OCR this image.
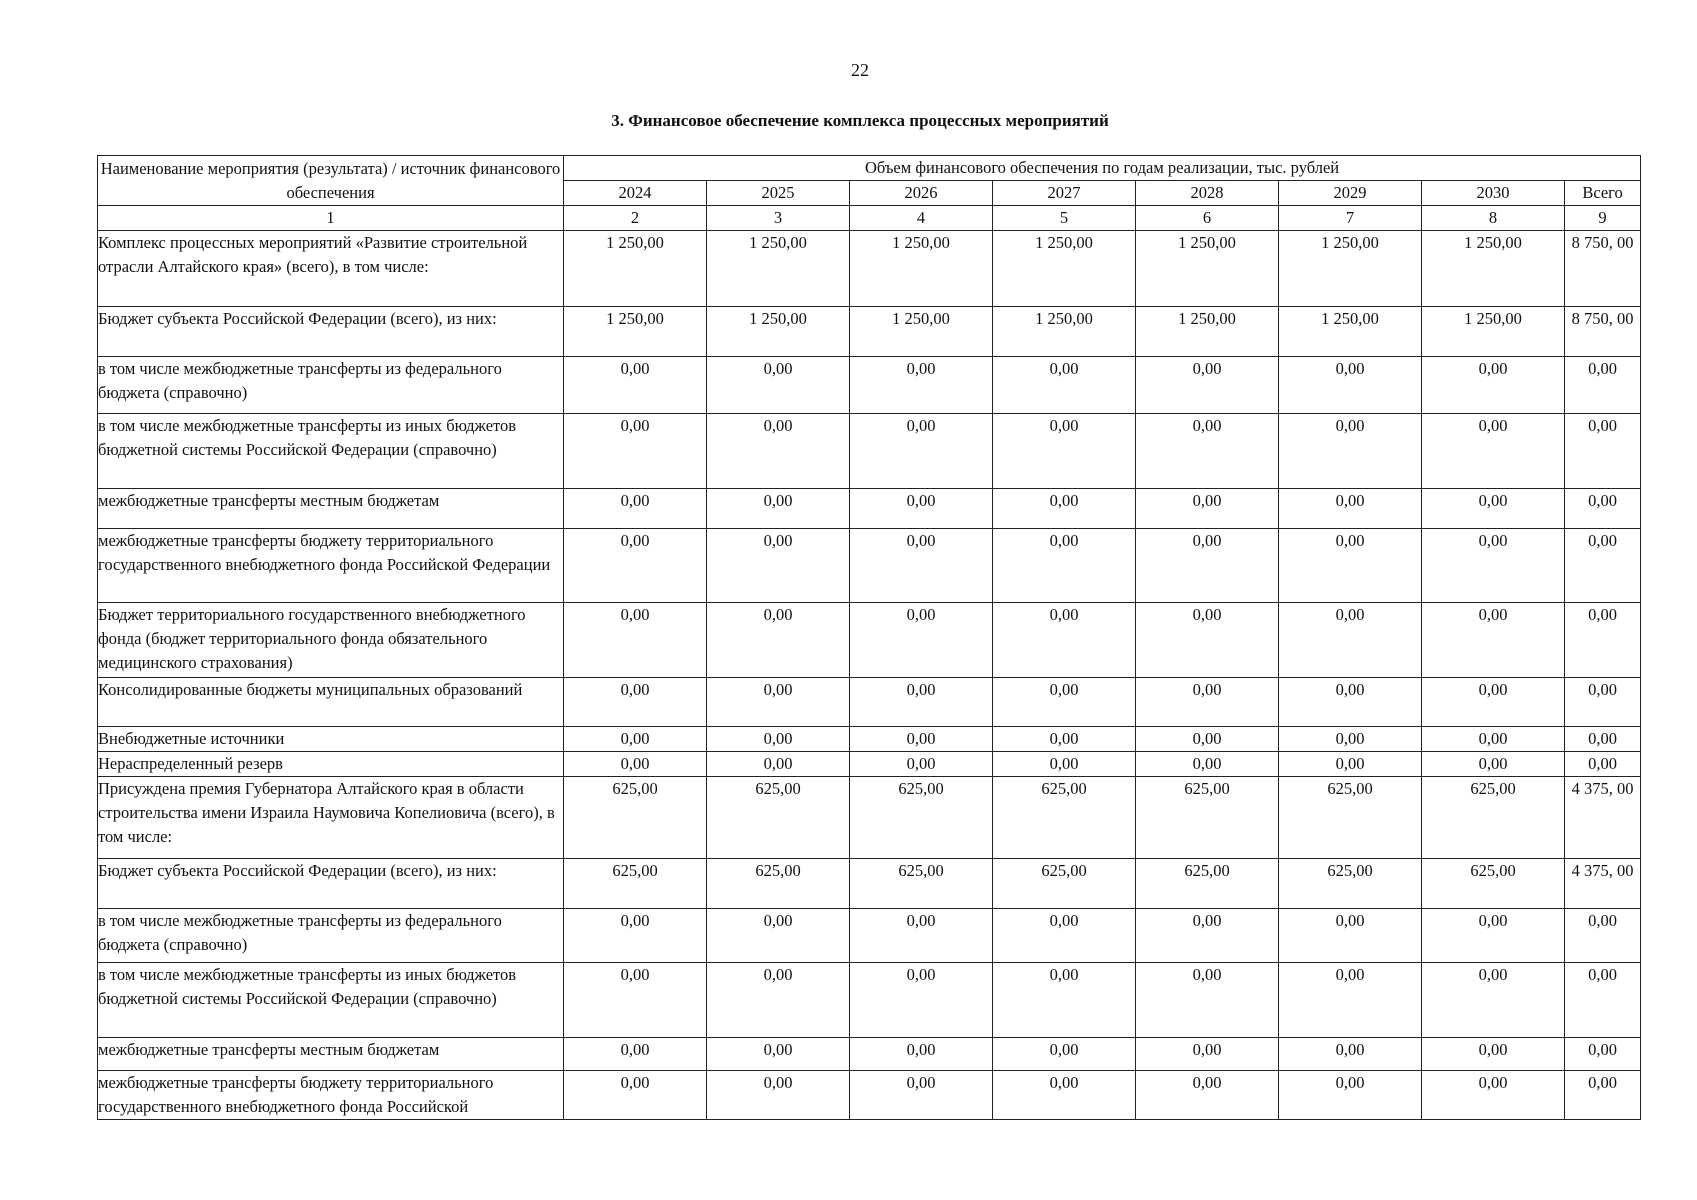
22
3. Финансовое обеспечение комплекса процессных мероприятий
Наименование мероприятия (результата) / источник финансового обеспечения	Объем финансового обеспечения по годам реализации, тыс. рублей							
	2024	2025	2026	2027	2028	2029	2030	Всего
1	2	3	4	5	6	7	8	9
Комплекс процессных мероприятий «Развитие строительной отрасли Алтайского края» (всего), в том числе:	1 250,00	1 250,00	1 250,00	1 250,00	1 250,00	1 250,00	1 250,00	8 750, 00
Бюджет субъекта Российской Федерации (всего), из них:	1 250,00	1 250,00	1 250,00	1 250,00	1 250,00	1 250,00	1 250,00	8 750, 00
в том числе межбюджетные трансферты из федерального бюджета (справочно)	0,00	0,00	0,00	0,00	0,00	0,00	0,00	0,00
в том числе межбюджетные трансферты из иных бюджетов бюджетной системы Российской Федерации (справочно)	0,00	0,00	0,00	0,00	0,00	0,00	0,00	0,00
межбюджетные трансферты местным бюджетам	0,00	0,00	0,00	0,00	0,00	0,00	0,00	0,00
межбюджетные трансферты бюджету территориального государственного внебюджетного фонда Российской Федерации	0,00	0,00	0,00	0,00	0,00	0,00	0,00	0,00
Бюджет территориального государственного внебюджетного фонда (бюджет территориального фонда обязательного медицинского страхования)	0,00	0,00	0,00	0,00	0,00	0,00	0,00	0,00
Консолидированные бюджеты муниципальных образований	0,00	0,00	0,00	0,00	0,00	0,00	0,00	0,00
Внебюджетные источники	0,00	0,00	0,00	0,00	0,00	0,00	0,00	0,00
Нераспределенный резерв	0,00	0,00	0,00	0,00	0,00	0,00	0,00	0,00
Присуждена премия Губернатора Алтайского края в области строительства имени Израила Наумовича Копелиовича (всего), в том числе:	625,00	625,00	625,00	625,00	625,00	625,00	625,00	4 375, 00
Бюджет субъекта Российской Федерации (всего), из них:	625,00	625,00	625,00	625,00	625,00	625,00	625,00	4 375, 00
в том числе межбюджетные трансферты из федерального бюджета (справочно)	0,00	0,00	0,00	0,00	0,00	0,00	0,00	0,00
в том числе межбюджетные трансферты из иных бюджетов бюджетной системы Российской Федерации (справочно)	0,00	0,00	0,00	0,00	0,00	0,00	0,00	0,00
межбюджетные трансферты местным бюджетам	0,00	0,00	0,00	0,00	0,00	0,00	0,00	0,00
межбюджетные трансферты бюджету территориального государственного внебюджетного фонда Российской	0,00	0,00	0,00	0,00	0,00	0,00	0,00	0,00
